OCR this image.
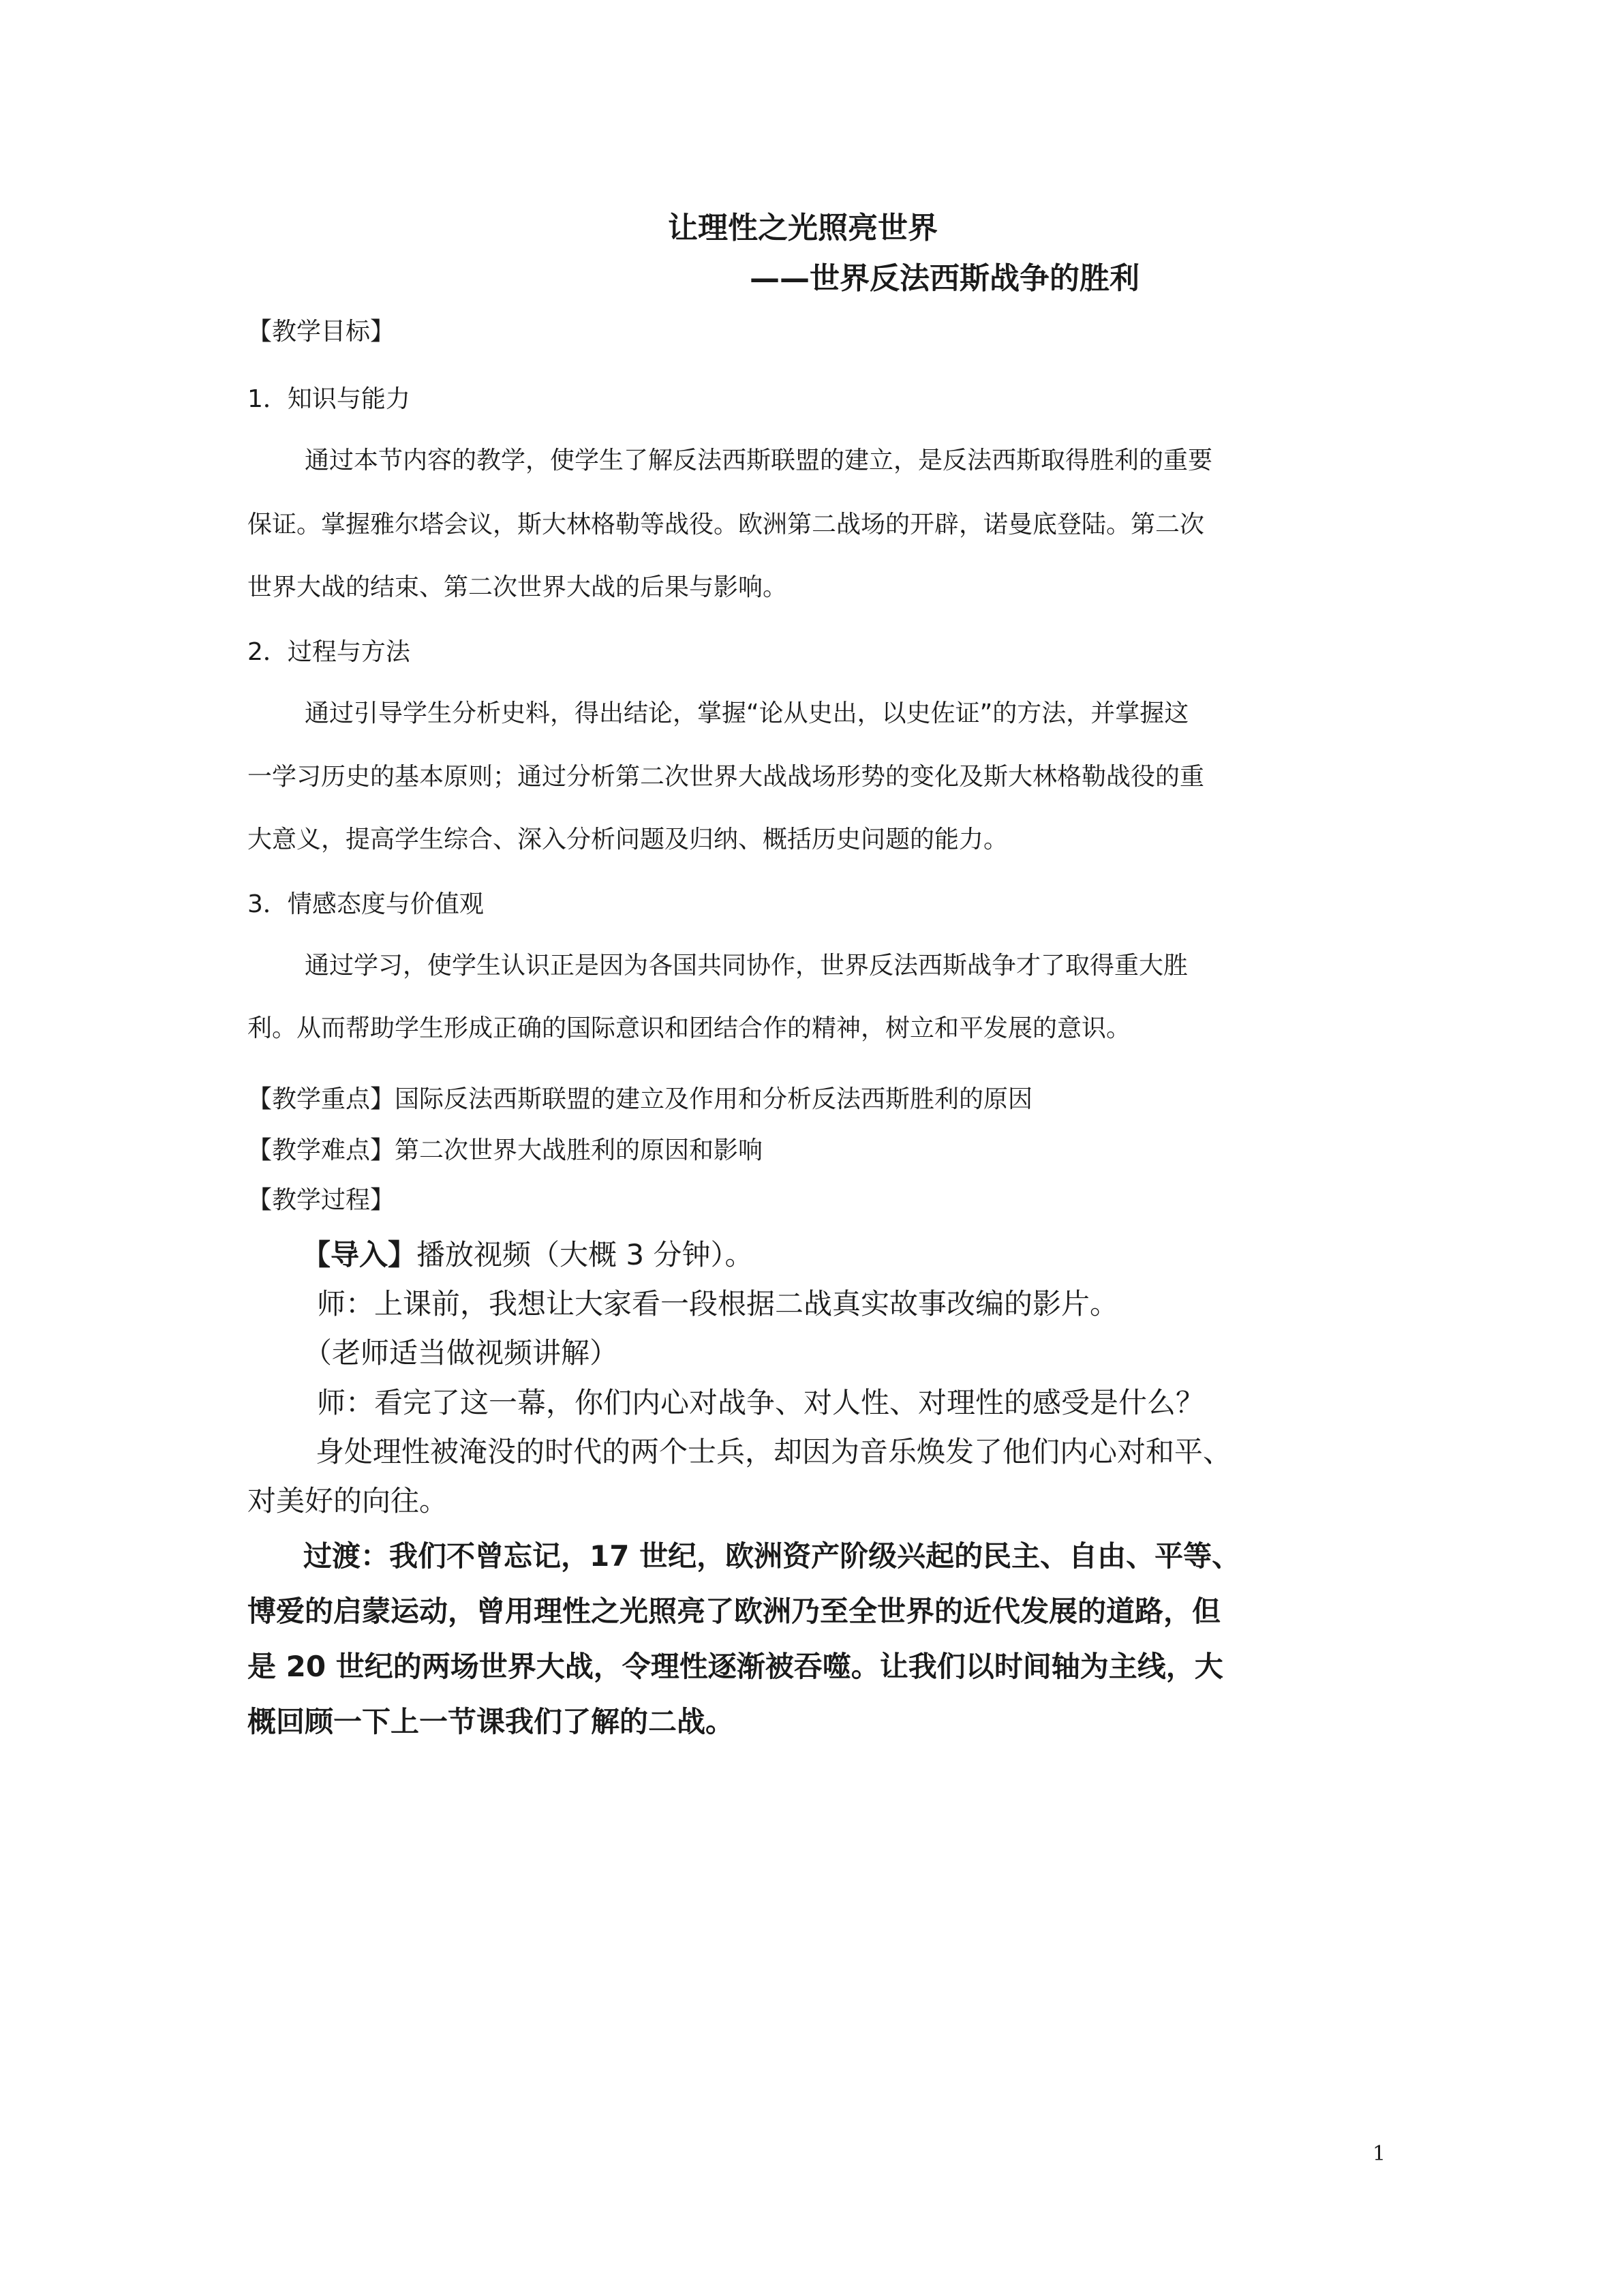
让理性之光照亮世界
——世界反法西斯战争的胜利
【教学目标】
1．知识与能力
通过本节内容的教学，使学生了解反法西斯联盟的建立，是反法西斯取得胜利的重要
保证。掌握雅尔塔会议，斯大林格勒等战役。欧洲第二战场的开辟，诺曼底登陆。第二次
世界大战的结束、第二次世界大战的后果与影响。
2．过程与方法
通过引导学生分析史料，得出结论，掌握“论从史出，以史佐证”的方法，并掌握这
一学习历史的基本原则；通过分析第二次世界大战战场形势的变化及斯大林格勒战役的重
大意义，提高学生综合、深入分析问题及归纳、概括历史问题的能力。
3．情感态度与价值观
通过学习，使学生认识正是因为各国共同协作，世界反法西斯战争才了取得重大胜
利。从而帮助学生形成正确的国际意识和团结合作的精神，树立和平发展的意识。
【教学重点】国际反法西斯联盟的建立及作用和分析反法西斯胜利的原因
【教学难点】第二次世界大战胜利的原因和影响
【教学过程】
【导入】播放视频（大概 3 分钟）。
师：上课前，我想让大家看一段根据二战真实故事改编的影片。
（老师适当做视频讲解）
师：看完了这一幕，你们内心对战争、对人性、对理性的感受是什么？
身处理性被淹没的时代的两个士兵，却因为音乐焕发了他们内心对和平、
对美好的向往。
过渡：我们不曾忘记，17 世纪，欧洲资产阶级兴起的民主、自由、平等、
博爱的启蒙运动，曾用理性之光照亮了欧洲乃至全世界的近代发展的道路，但
是 20 世纪的两场世界大战，令理性逐渐被吞噬。让我们以时间轴为主线，大
概回顾一下上一节课我们了解的二战。
1
